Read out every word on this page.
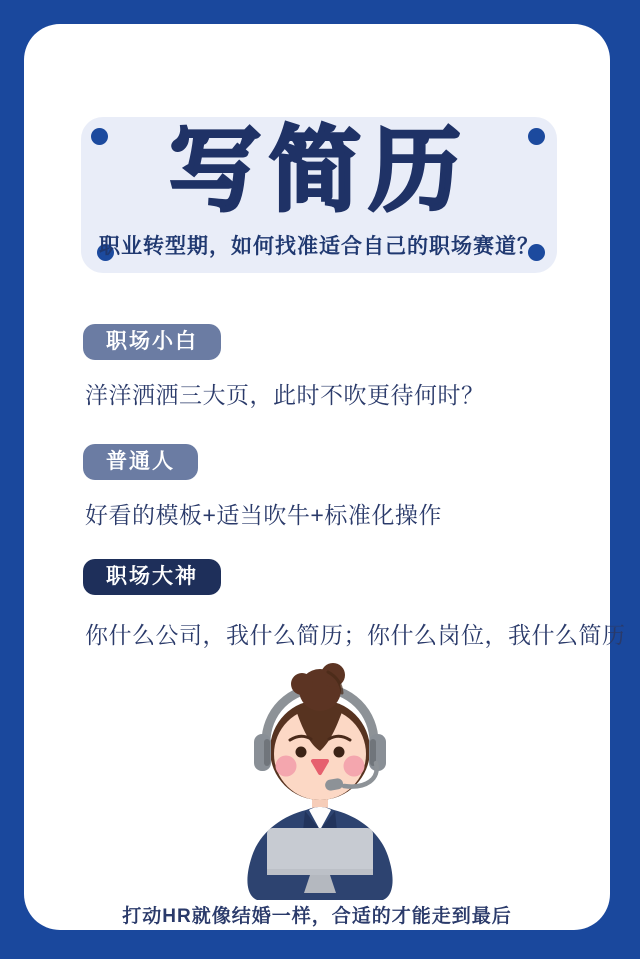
写简历
职业转型期，如何找准适合自己的职场赛道？
职场小白
洋洋洒洒三大页，此时不吹更待何时？
普通人
好看的模板+适当吹牛+标准化操作
职场大神
你什么公司，我什么简历；你什么岗位，我什么简历
打动HR就像结婚一样，合适的才能走到最后
